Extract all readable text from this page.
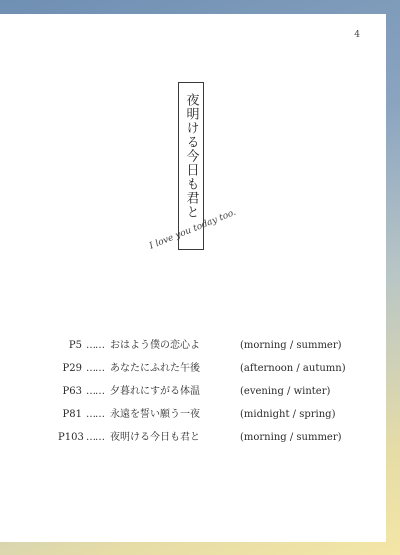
4
夜明ける今日も君と
I love you today too.
P5 …… おはよう僕の恋心よ	(morning / summer)
P29 …… あなたにふれた午後	(afternoon / autumn)
P63 …… 夕暮れにすがる体温	(evening / winter)
P81 …… 永遠を誓い願う一夜	(midnight / spring)
P103 …… 夜明ける今日も君と	(morning / summer)
